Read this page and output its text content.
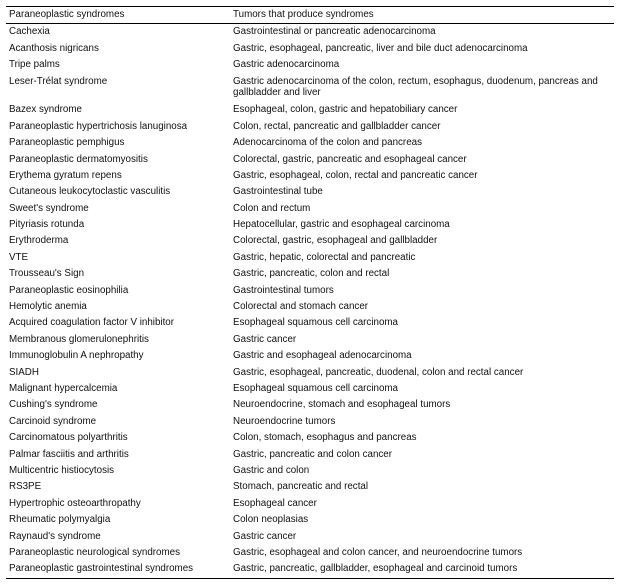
Paraneoplastic syndromes	Tumors that produce syndromes
Cachexia	Gastrointestinal or pancreatic adenocarcinoma
Acanthosis nigricans	Gastric, esophageal, pancreatic, liver and bile duct adenocarcinoma
Tripe palms	Gastric adenocarcinoma
Leser-Trélat syndrome	Gastric adenocarcinoma of the colon, rectum, esophagus, duodenum, pancreas and gallbladder and liver
Bazex syndrome	Esophageal, colon, gastric and hepatobiliary cancer
Paraneoplastic hypertrichosis lanuginosa	Colon, rectal, pancreatic and gallbladder cancer
Paraneoplastic pemphigus	Adenocarcinoma of the colon and pancreas
Paraneoplastic dermatomyositis	Colorectal, gastric, pancreatic and esophageal cancer
Erythema gyratum repens	Gastric, esophageal, colon, rectal and pancreatic cancer
Cutaneous leukocytoclastic vasculitis	Gastrointestinal tube
Sweet's syndrome	Colon and rectum
Pityriasis rotunda	Hepatocellular, gastric and esophageal carcinoma
Erythroderma	Colorectal, gastric, esophageal and gallbladder
VTE	Gastric, hepatic, colorectal and pancreatic
Trousseau's Sign	Gastric, pancreatic, colon and rectal
Paraneoplastic eosinophilia	Gastrointestinal tumors
Hemolytic anemia	Colorectal and stomach cancer
Acquired coagulation factor V inhibitor	Esophageal squamous cell carcinoma
Membranous glomerulonephritis	Gastric cancer
Immunoglobulin A nephropathy	Gastric and esophageal adenocarcinoma
SIADH	Gastric, esophageal, pancreatic, duodenal, colon and rectal cancer
Malignant hypercalcemia	Esophageal squamous cell carcinoma
Cushing's syndrome	Neuroendocrine, stomach and esophageal tumors
Carcinoid syndrome	Neuroendocrine tumors
Carcinomatous polyarthritis	Colon, stomach, esophagus and pancreas
Palmar fasciitis and arthritis	Gastric, pancreatic and colon cancer
Multicentric histiocytosis	Gastric and colon
RS3PE	Stomach, pancreatic and rectal
Hypertrophic osteoarthropathy	Esophageal cancer
Rheumatic polymyalgia	Colon neoplasias
Raynaud's syndrome	Gastric cancer
Paraneoplastic neurological syndromes	Gastric, esophageal and colon cancer, and neuroendocrine tumors
Paraneoplastic gastrointestinal syndromes	Gastric, pancreatic, gallbladder, esophageal and carcinoid tumors
